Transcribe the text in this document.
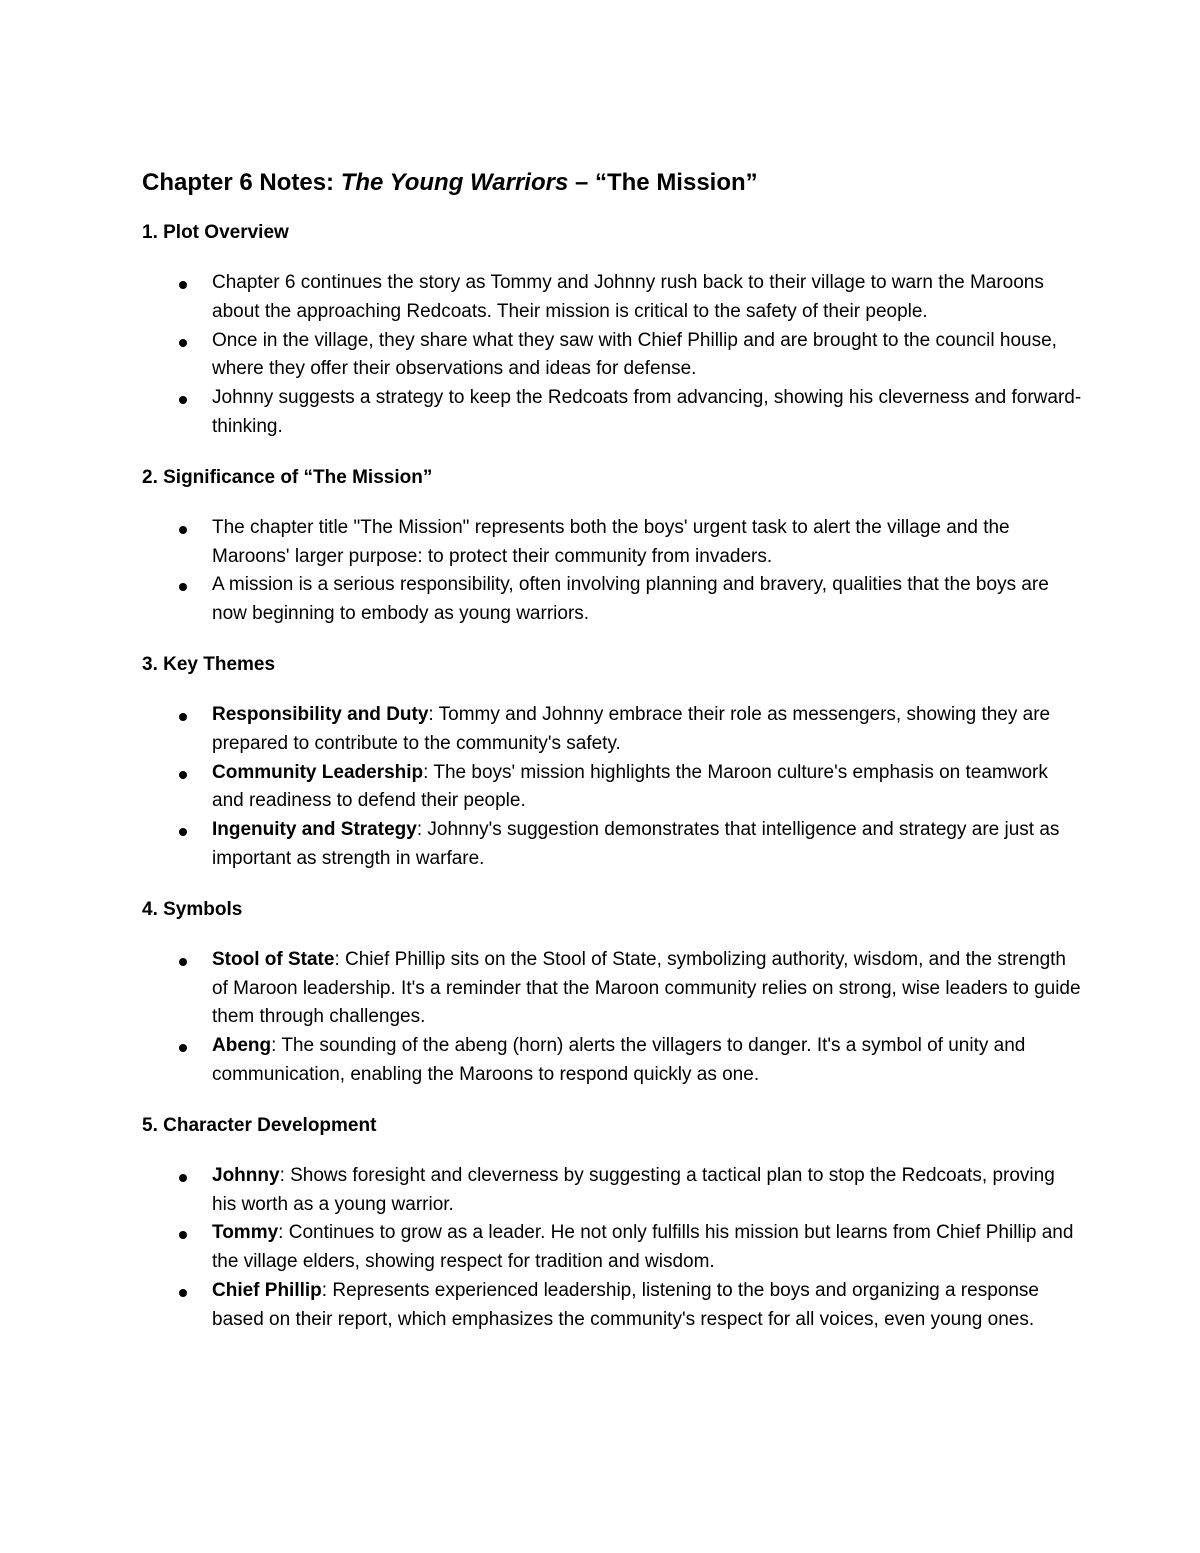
Chapter 6 Notes: The Young Warriors – “The Mission”
1. Plot Overview
Chapter 6 continues the story as Tommy and Johnny rush back to their village to warn the Maroons about the approaching Redcoats. Their mission is critical to the safety of their people.
Once in the village, they share what they saw with Chief Phillip and are brought to the council house, where they offer their observations and ideas for defense.
Johnny suggests a strategy to keep the Redcoats from advancing, showing his cleverness and forward-thinking.
2. Significance of “The Mission”
The chapter title "The Mission" represents both the boys' urgent task to alert the village and the Maroons' larger purpose: to protect their community from invaders.
A mission is a serious responsibility, often involving planning and bravery, qualities that the boys are now beginning to embody as young warriors.
3. Key Themes
Responsibility and Duty: Tommy and Johnny embrace their role as messengers, showing they are prepared to contribute to the community's safety.
Community Leadership: The boys' mission highlights the Maroon culture's emphasis on teamwork and readiness to defend their people.
Ingenuity and Strategy: Johnny's suggestion demonstrates that intelligence and strategy are just as important as strength in warfare.
4. Symbols
Stool of State: Chief Phillip sits on the Stool of State, symbolizing authority, wisdom, and the strength of Maroon leadership. It's a reminder that the Maroon community relies on strong, wise leaders to guide them through challenges.
Abeng: The sounding of the abeng (horn) alerts the villagers to danger. It's a symbol of unity and communication, enabling the Maroons to respond quickly as one.
5. Character Development
Johnny: Shows foresight and cleverness by suggesting a tactical plan to stop the Redcoats, proving his worth as a young warrior.
Tommy: Continues to grow as a leader. He not only fulfills his mission but learns from Chief Phillip and the village elders, showing respect for tradition and wisdom.
Chief Phillip: Represents experienced leadership, listening to the boys and organizing a response based on their report, which emphasizes the community's respect for all voices, even young ones.
